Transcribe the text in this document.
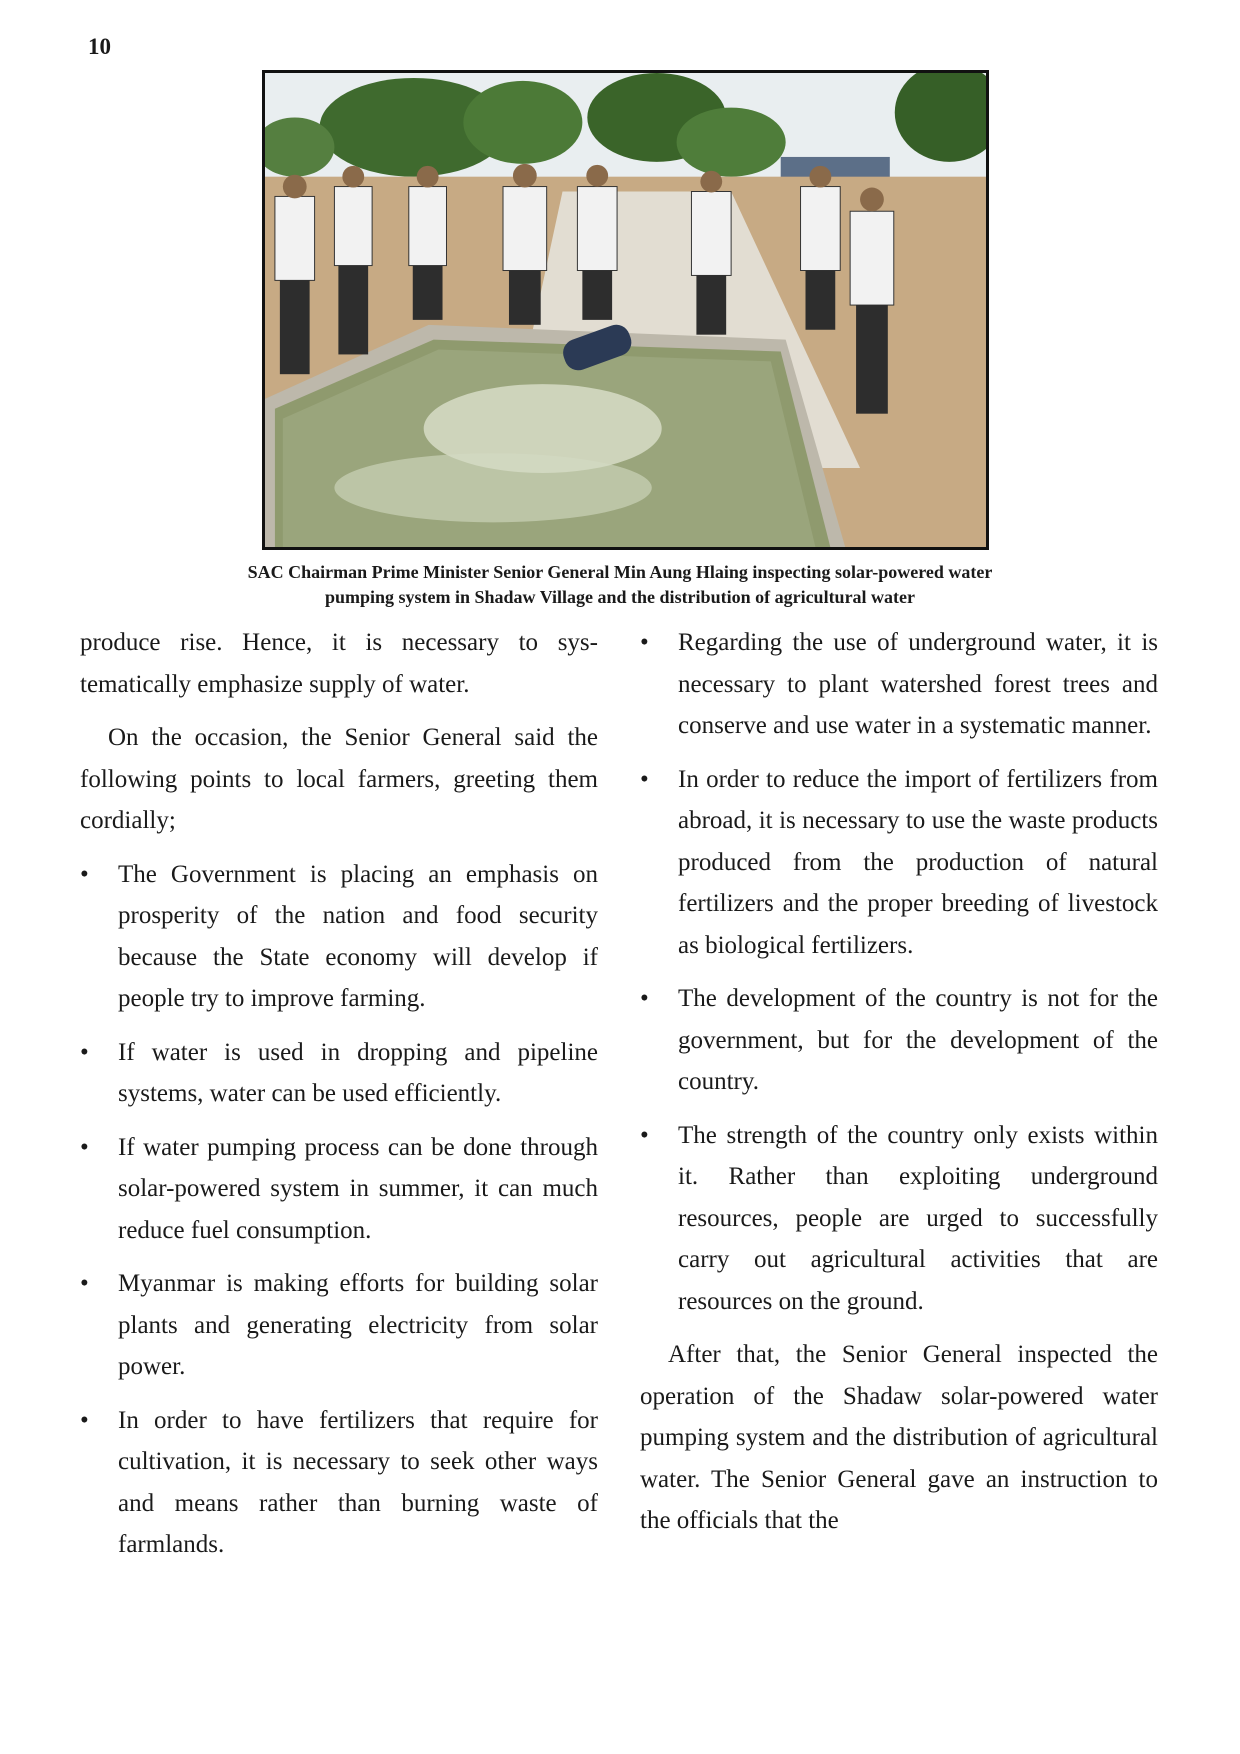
10
SAC Chairman Prime Minister Senior General Min Aung Hlaing inspecting solar-powered water
pumping system in Shadaw Village and the distribution of agricultural water

produce rise. Hence, it is necessary to systematically emphasize supply of water.

On the occasion, the Senior General said the following points to local farmers, greeting them cordially;

• The Government is placing an emphasis on prosperity of the nation and food security because the State economy will develop if people try to improve farming.
• If water is used in dropping and pipeline systems, water can be used efficiently.
• If water pumping process can be done through solar-powered system in summer, it can much reduce fuel consumption.
• Myanmar is making efforts for building solar plants and generating electricity from solar power.
• In order to have fertilizers that require for cultivation, it is necessary to seek other ways and means rather than burning waste of farmlands.
• Regarding the use of underground water, it is necessary to plant watershed forest trees and conserve and use water in a systematic manner.
• In order to reduce the import of fertilizers from abroad, it is necessary to use the waste products produced from the production of natural fertilizers and the proper breeding of livestock as biological fertilizers.
• The development of the country is not for the government, but for the development of the country.
• The strength of the country only exists within it. Rather than exploiting underground resources, people are urged to successfully carry out agricultural activities that are resources on the ground.

After that, the Senior General inspected the operation of the Shadaw solar-powered water pumping system and the distribution of agricultural water. The Senior General gave an instruction to the officials that the
